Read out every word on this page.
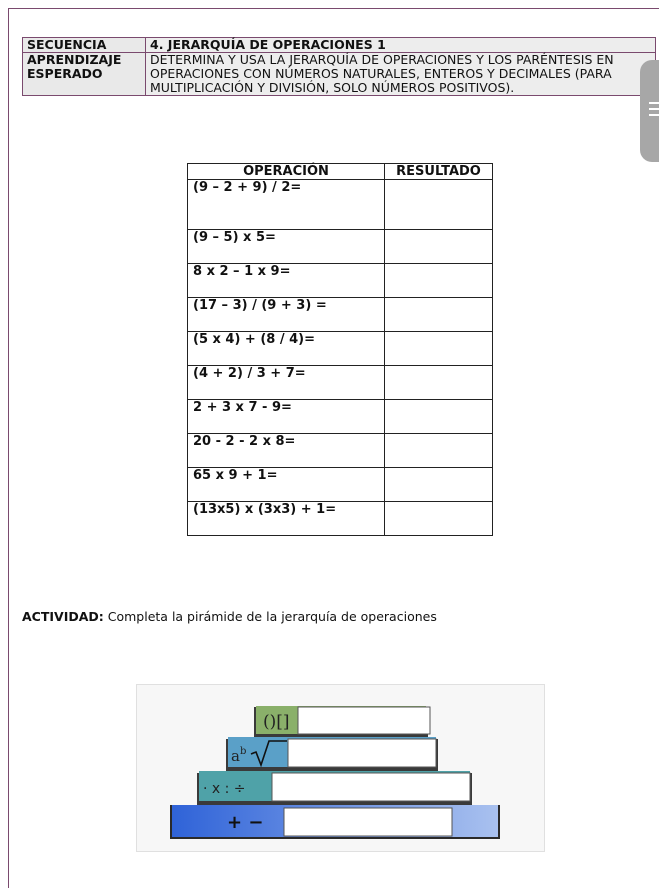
SECUENCIA	4. JERARQUÍA DE OPERACIONES 1
APRENDIZAJE
ESPERADO	DETERMINA Y USA LA JERARQUÍA DE OPERACIONES Y LOS PARÉNTESIS EN OPERACIONES CON NÚMEROS NATURALES, ENTEROS Y DECIMALES (PARA MULTIPLICACIÓN Y DIVISIÓN, SOLO NÚMEROS POSITIVOS).
OPERACIÓN	RESULTADO
(9 – 2 + 9) / 2=	
(9 – 5) x 5=	
8 x 2 – 1 x 9=	
(17 – 3) / (9 + 3) =	
(5 x 4) + (8 / 4)=	
(4 + 2) / 3 + 7=	
2 + 3 x 7 - 9=	
20 - 2 - 2 x 8=	
65 x 9 + 1=	
(13x5) x (3x3) + 1=	
ACTIVIDAD: Completa la pirámide de la jerarquía de operaciones
()[]
$a^b$
· x : ÷
+ −
